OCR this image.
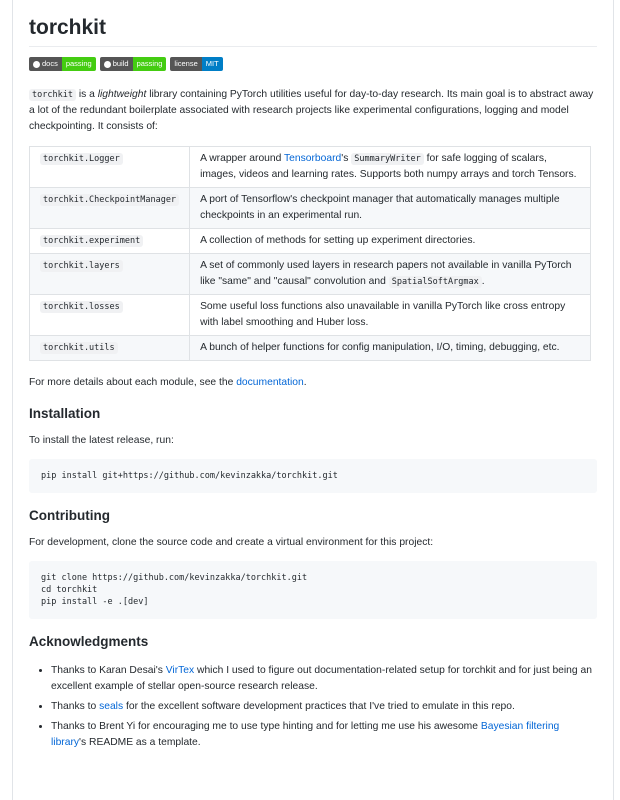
torchkit
docs	passing	build	passing	license	MIT

torchkit is a lightweight library containing PyTorch utilities useful for day-to-day research. Its main goal is to abstract away a lot of the redundant boilerplate associated with research projects like experimental configurations, logging and model checkpointing. It consists of:

torchkit.Logger	A wrapper around Tensorboard's SummaryWriter for safe logging of scalars, images, videos and learning rates. Supports both numpy arrays and torch Tensors.
torchkit.CheckpointManager	A port of Tensorflow's checkpoint manager that automatically manages multiple checkpoints in an experimental run.
torchkit.experiment	A collection of methods for setting up experiment directories.
torchkit.layers	A set of commonly used layers in research papers not available in vanilla PyTorch like "same" and "causal" convolution and SpatialSoftArgmax .
torchkit.losses	Some useful loss functions also unavailable in vanilla PyTorch like cross entropy with label smoothing and Huber loss.
torchkit.utils	A bunch of helper functions for config manipulation, I/O, timing, debugging, etc.

For more details about each module, see the documentation.

Installation

To install the latest release, run:

pip install git+https://github.com/kevinzakka/torchkit.git
Contributing

For development, clone the source code and create a virtual environment for this project:

git clone https://github.com/kevinzakka/torchkit.git
cd torchkit
pip install -e .[dev]
Acknowledgments
• Thanks to Karan Desai's VirTex which I used to figure out documentation-related setup for torchkit and for just being an excellent example of stellar open-source research release.
• Thanks to seals for the excellent software development practices that I've tried to emulate in this repo.
• Thanks to Brent Yi for encouraging me to use type hinting and for letting me use his awesome Bayesian filtering library's README as a template.
